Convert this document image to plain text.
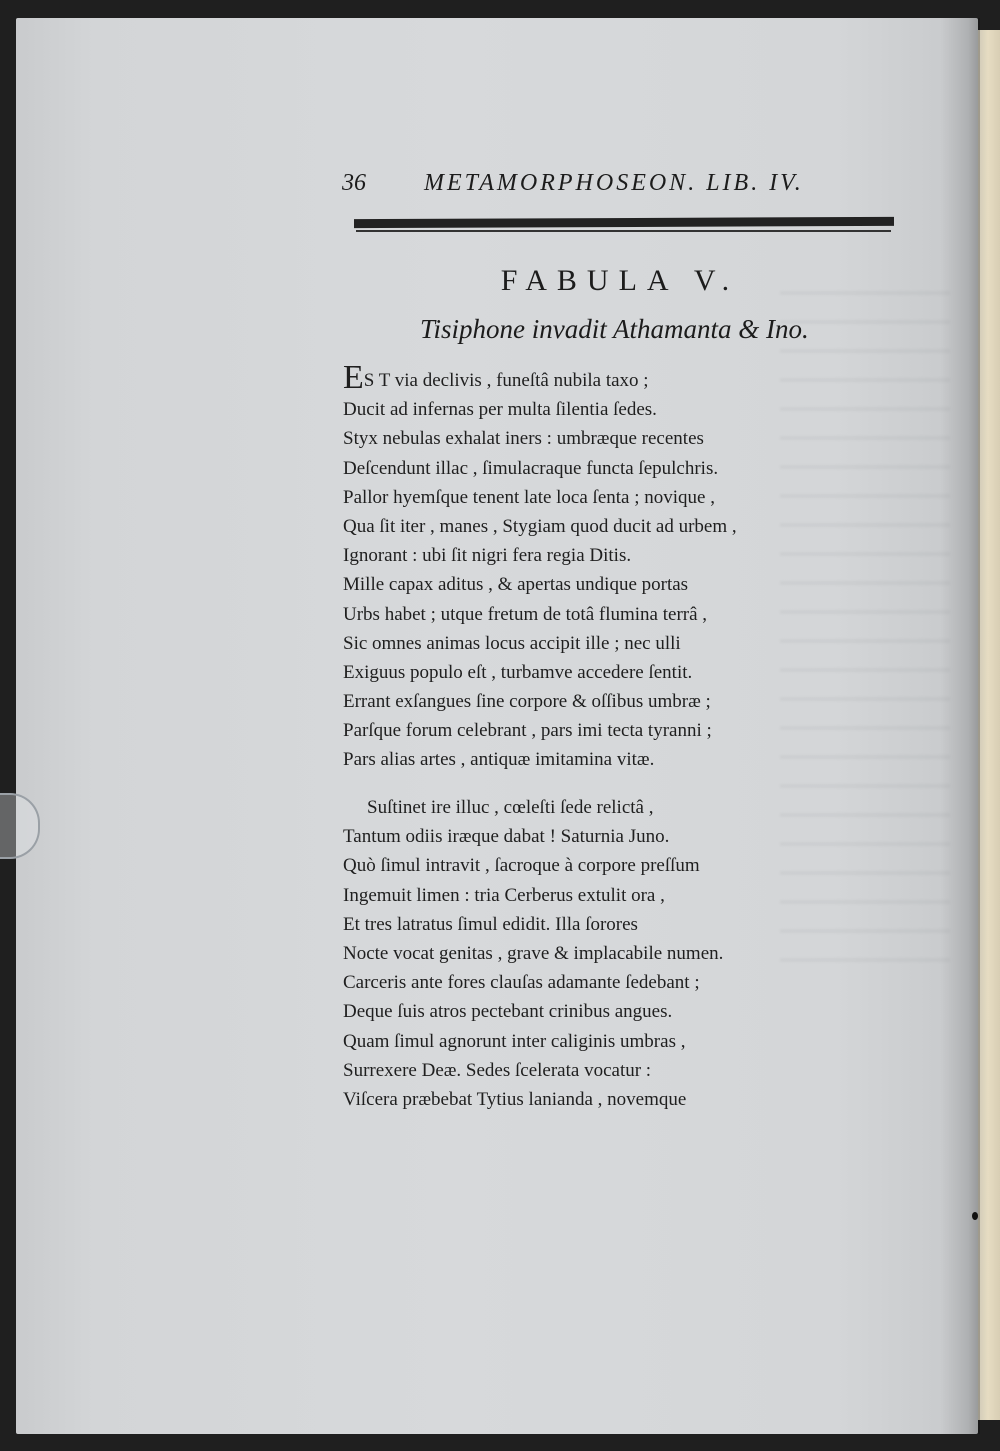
36 METAMORPHOSEON. LIB. IV.
FABULA V.
Tisiphone invadit Athamanta & Ino.
ES T via declivis , funeſtâ nubila taxo ;
Ducit ad infernas per multa ſilentia ſedes.
Styx nebulas exhalat iners : umbræque recentes
Deſcendunt illac , ſimulacraque functa ſepulchris.
Pallor hyemſque tenent late loca ſenta ; novique ,
Qua ſit iter , manes , Stygiam quod ducit ad urbem ,
Ignorant : ubi ſit nigri fera regia Ditis.
Mille capax aditus , & apertas undique portas
Urbs habet ; utque fretum de totâ flumina terrâ ,
Sic omnes animas locus accipit ille ; nec ulli
Exiguus populo eſt , turbamve accedere ſentit.
Errant exſangues ſine corpore & oſſibus umbræ ;
Parſque forum celebrant , pars imi tecta tyranni ;
Pars alias artes , antiquæ imitamina vitæ.
Suſtinet ire illuc , cœleſti ſede relictâ ,
Tantum odiis iræque dabat ! Saturnia Juno.
Quò ſimul intravit , ſacroque à corpore preſſum
Ingemuit limen : tria Cerberus extulit ora ,
Et tres latratus ſimul edidit. Illa ſorores
Nocte vocat genitas , grave & implacabile numen.
Carceris ante fores clauſas adamante ſedebant ;
Deque ſuis atros pectebant crinibus angues.
Quam ſimul agnorunt inter caliginis umbras ,
Surrexere Deæ. Sedes ſcelerata vocatur :
Viſcera præbebat Tytius lanianda , novemque
